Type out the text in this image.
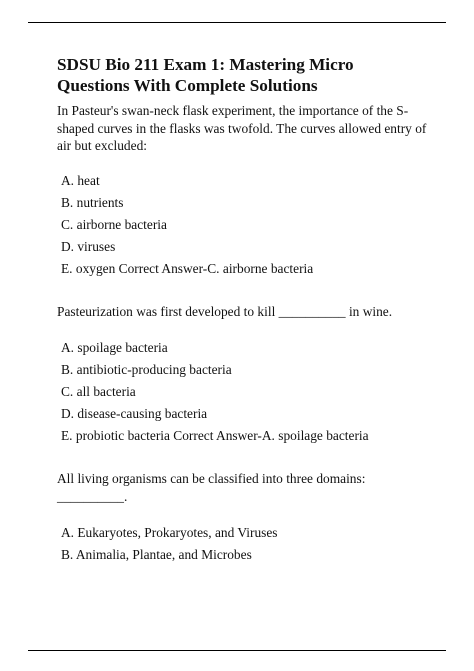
SDSU Bio 211 Exam 1: Mastering Micro Questions With Complete Solutions

In Pasteur's swan-neck flask experiment, the importance of the S-shaped curves in the flasks was twofold. The curves allowed entry of air but excluded:

A. heat
B. nutrients
C. airborne bacteria
D. viruses
E. oxygen Correct Answer-C. airborne bacteria

Pasteurization was first developed to kill __________ in wine.

A. spoilage bacteria
B. antibiotic-producing bacteria
C. all bacteria
D. disease-causing bacteria
E. probiotic bacteria Correct Answer-A. spoilage bacteria

All living organisms can be classified into three domains: __________.

A. Eukaryotes, Prokaryotes, and Viruses
B. Animalia, Plantae, and Microbes
